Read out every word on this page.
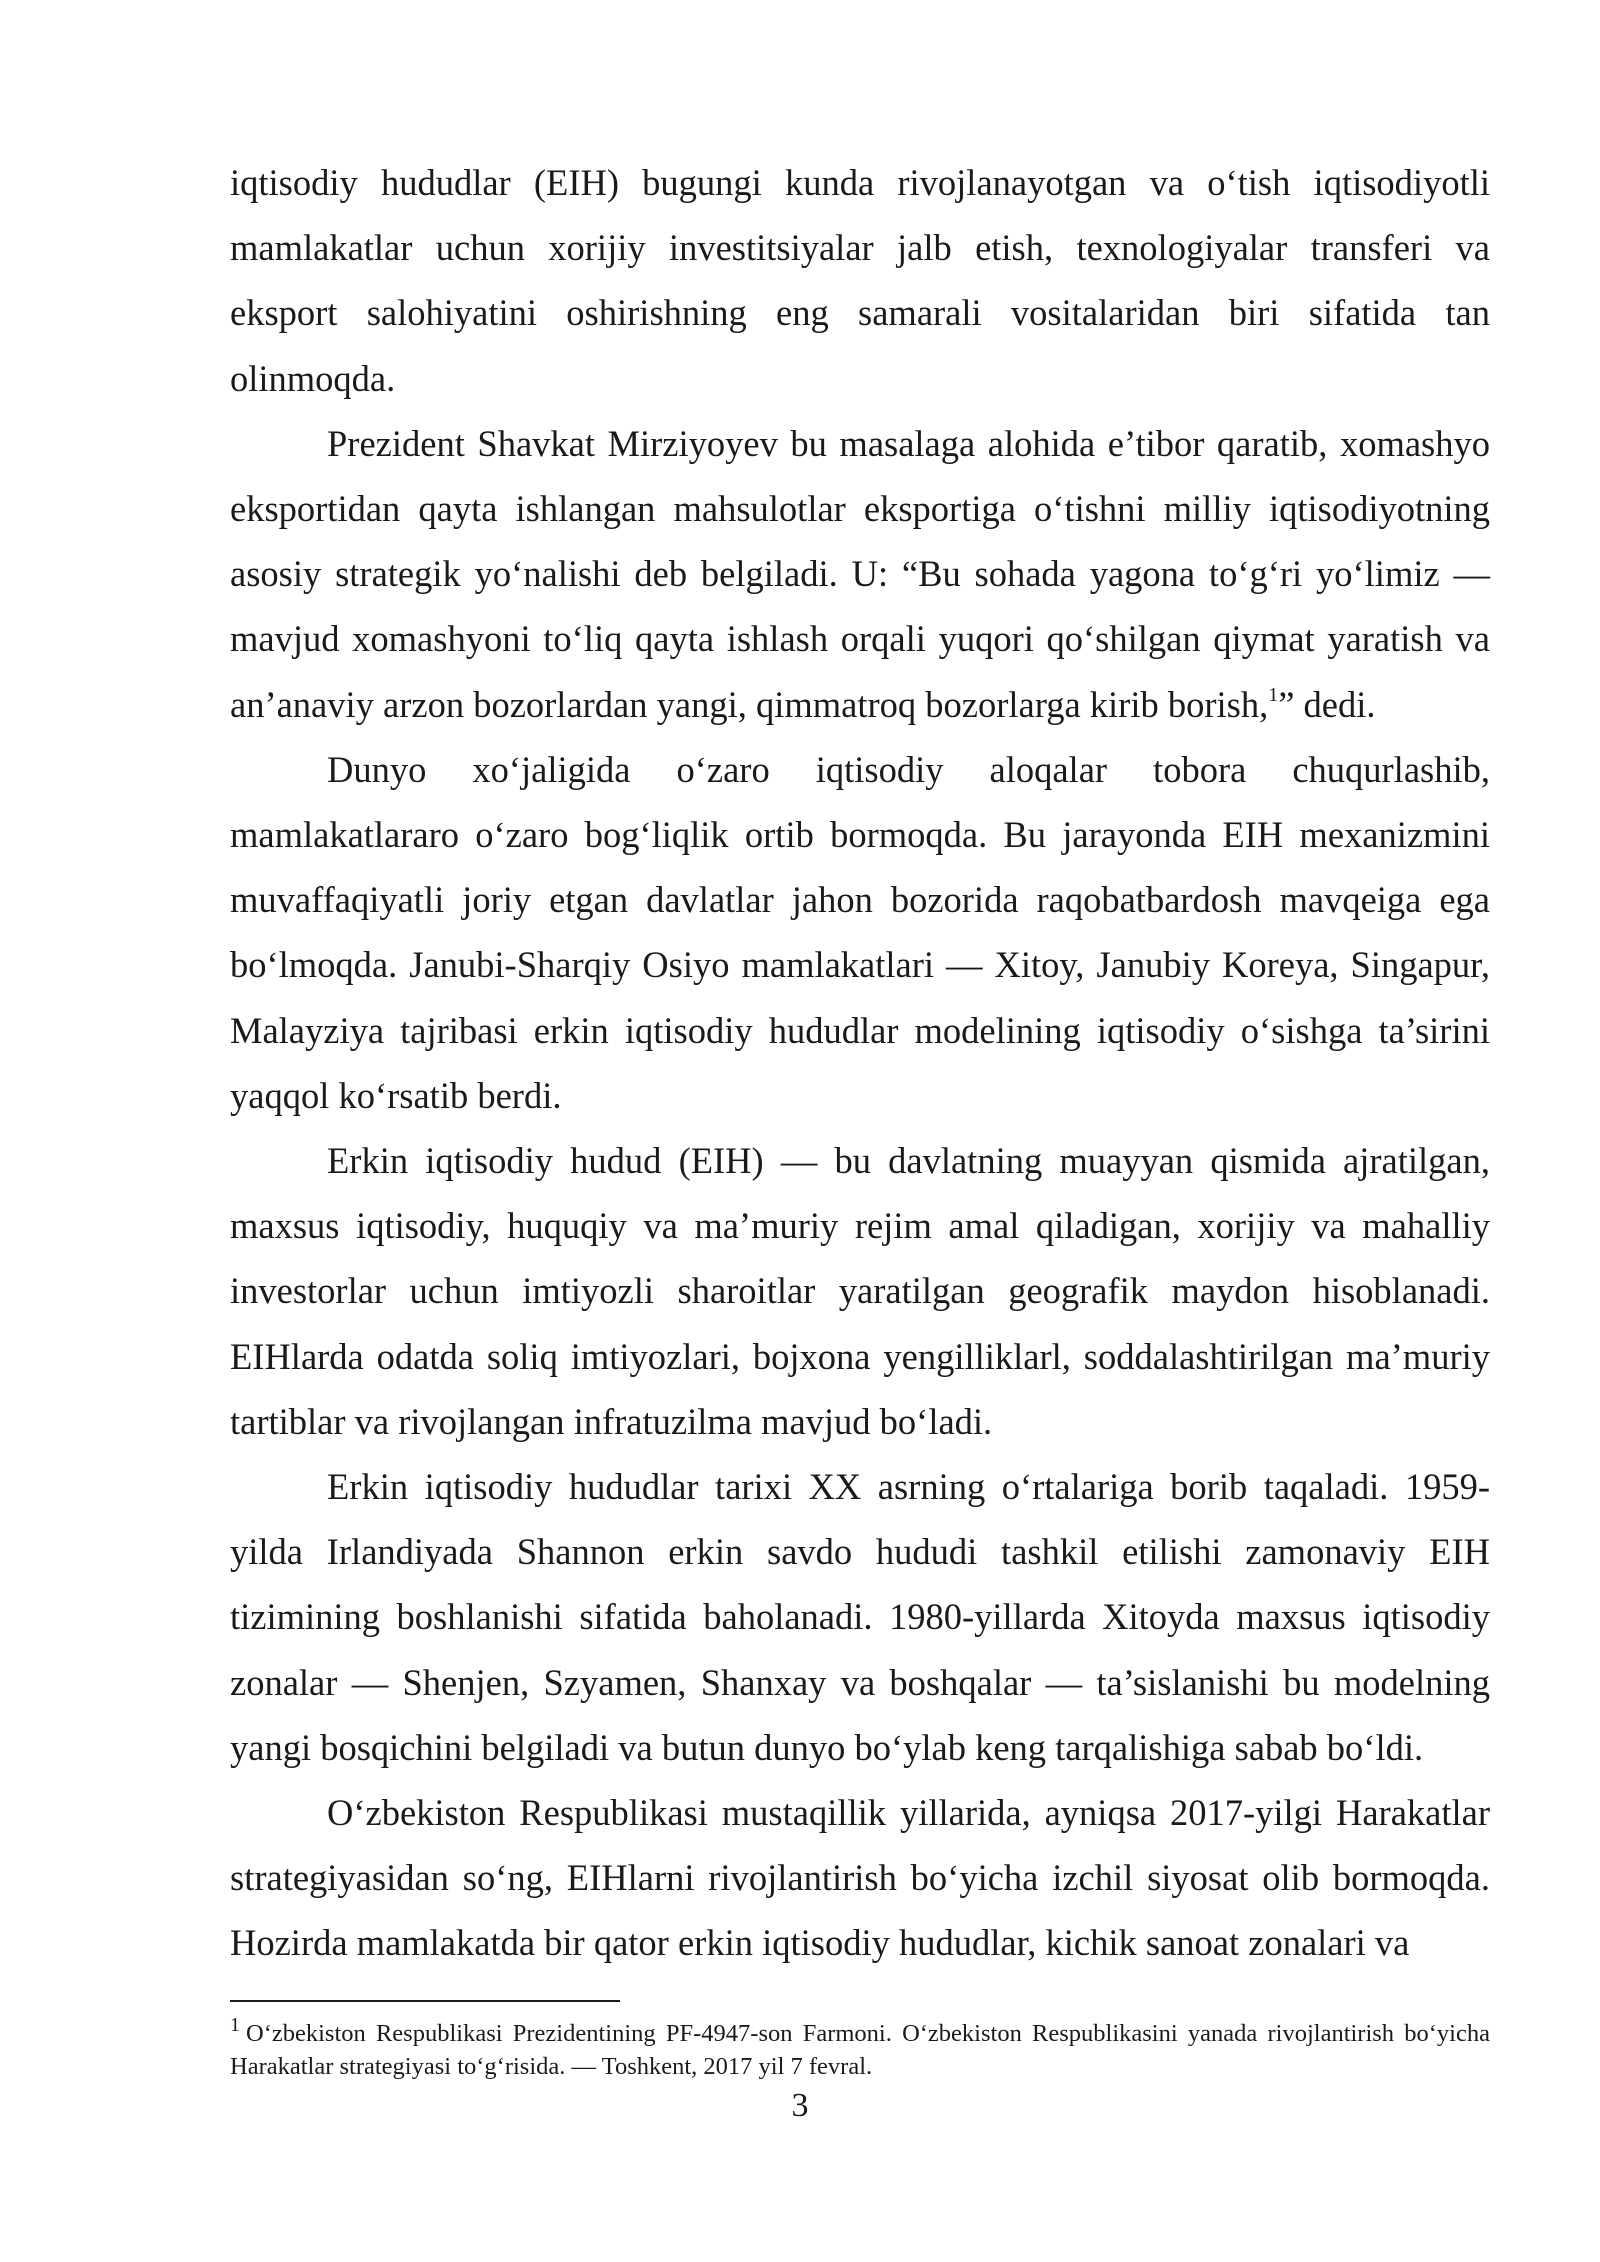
iqtisodiy hududlar (EIH) bugungi kunda rivojlanayotgan va o‘tish iqtisodiyotli mamlakatlar uchun xorijiy investitsiyalar jalb etish, texnologiyalar transferi va eksport salohiyatini oshirishning eng samarali vositalaridan biri sifatida tan olinmoqda.

Prezident Shavkat Mirziyoyev bu masalaga alohida e’tibor qaratib, xomashyo eksportidan qayta ishlangan mahsulotlar eksportiga o‘tishni milliy iqtisodiyotning asosiy strategik yo‘nalishi deb belgiladi. U: “Bu sohada yagona to‘g‘ri yo‘limiz — mavjud xomashyoni to‘liq qayta ishlash orqali yuqori qo‘shilgan qiymat yaratish va an’anaviy arzon bozorlardan yangi, qimmatroq bozorlarga kirib borish,$^1$” dedi.

Dunyo xo‘jaligida o‘zaro iqtisodiy aloqalar tobora chuqurlashib, mamlakatlararo o‘zaro bog‘liqlik ortib bormoqda. Bu jarayonda EIH mexanizmini muvaffaqiyatli joriy etgan davlatlar jahon bozorida raqobatbardosh mavqeiga ega bo‘lmoqda. Janubi-Sharqiy Osiyo mamlakatlari — Xitoy, Janubiy Koreya, Singapur, Malayziya tajribasi erkin iqtisodiy hududlar modelining iqtisodiy o‘sishga ta’sirini yaqqol ko‘rsatib berdi.

Erkin iqtisodiy hudud (EIH) — bu davlatning muayyan qismida ajratilgan, maxsus iqtisodiy, huquqiy va ma’muriy rejim amal qiladigan, xorijiy va mahalliy investorlar uchun imtiyozli sharoitlar yaratilgan geografik maydon hisoblanadi. EIHlarda odatda soliq imtiyozlari, bojxona yengilliklarl, soddalashtirilgan ma’muriy tartiblar va rivojlangan infratuzilma mavjud bo‘ladi.

Erkin iqtisodiy hududlar tarixi XX asrning o‘rtalariga borib taqaladi. 1959-yilda Irlandiyada Shannon erkin savdo hududi tashkil etilishi zamonaviy EIH tizimining boshlanishi sifatida baholanadi. 1980-yillarda Xitoyda maxsus iqtisodiy zonalar — Shenjen, Szyamen, Shanxay va boshqalar — ta’sislanishi bu modelning yangi bosqichini belgiladi va butun dunyo bo‘ylab keng tarqalishiga sabab bo‘ldi.

O‘zbekiston Respublikasi mustaqillik yillarida, ayniqsa 2017-yilgi Harakatlar strategiyasidan so‘ng, EIHlarni rivojlantirish bo‘yicha izchil siyosat olib bormoqda. Hozirda mamlakatda bir qator erkin iqtisodiy hududlar, kichik sanoat zonalari va

$^1$ O‘zbekiston Respublikasi Prezidentining PF-4947-son Farmoni. O‘zbekiston Respublikasini yanada rivojlantirish bo‘yicha Harakatlar strategiyasi to‘g‘risida. — Toshkent, 2017 yil 7 fevral.

3
